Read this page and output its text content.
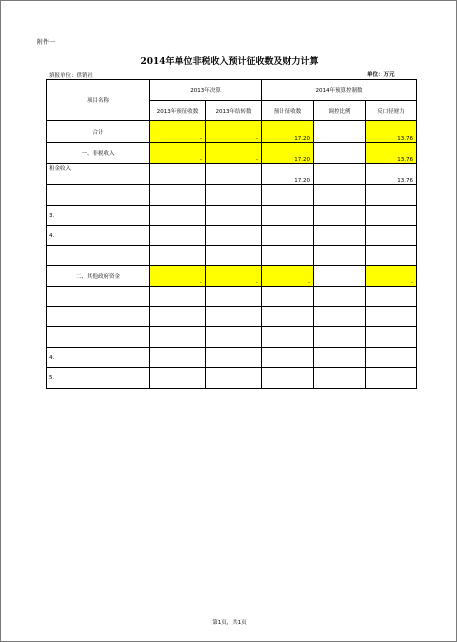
附件一
2014年单位非税收入预计征收数及财力计算
填报单位：供销社	单位：万元
项目名称	2013年决算		2014年预算控制数		
	2013年预征收数	2013年结转数	预计征收数	调控比例	反口径财力
合计	-	-	17.20		13.76
一、非税收入	-	-	17.20		13.76
租金收入			17.20		13.76

3.					
4.					

二、其他政府资金	-	-	-		-

4.					
5.					
第1页，共1页
